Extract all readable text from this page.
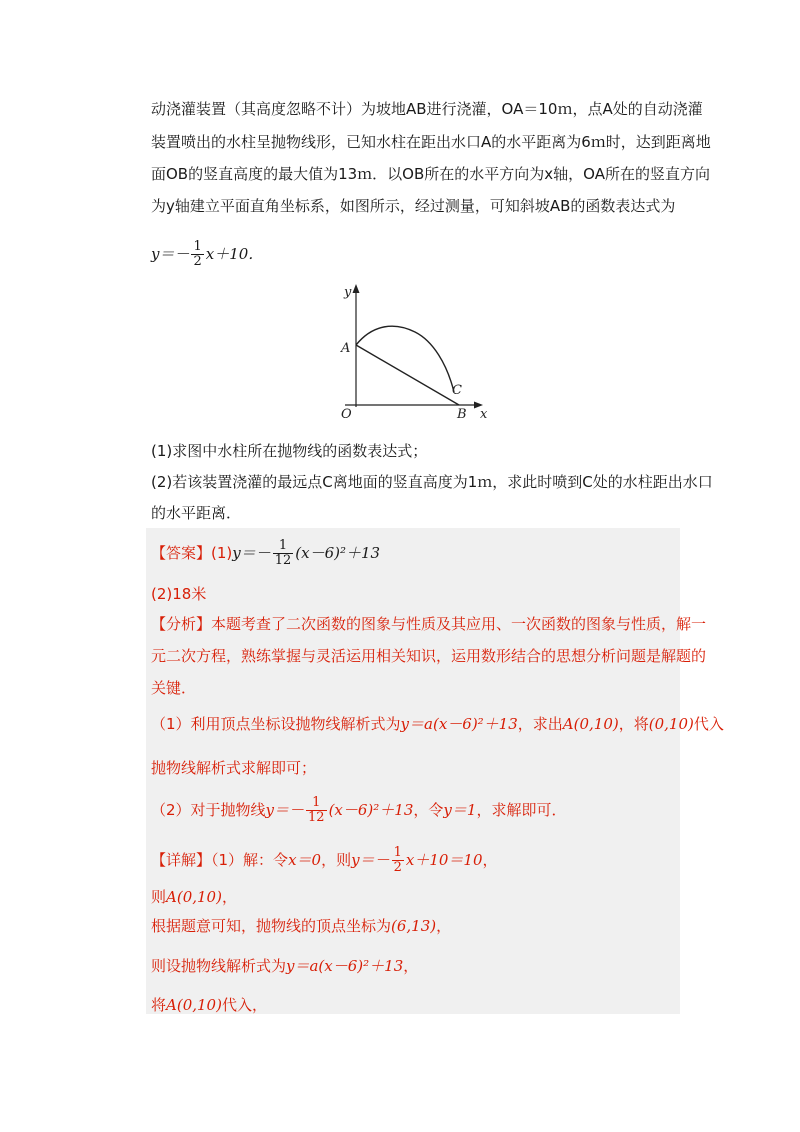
动浇灌装置（其高度忽略不计）为坡地AB进行浇灌，OA＝10ｍ，点A处的自动浇灌
装置喷出的水柱呈抛物线形，已知水柱在距出水口A的水平距离为6ｍ时，达到距离地
面OB的竖直高度的最大值为13ｍ．以OB所在的水平方向为x轴，OA所在的竖直方向
为y轴建立平面直角坐标系，如图所示，经过测量，可知斜坡AB的函数表达式为
$y=- \frac{1}{2} x+10$．
y
x
A
O	B
C
(1)求图中水柱所在抛物线的函数表达式；
(2)若该装置浇灌的最远点C离地面的竖直高度为1ｍ，求此时喷到C处的水柱距出水口
的水平距离．
【答案】$(1)y=- \frac{1}{12} (x-6)^2+13$
(2)18米
【分析】本题考查了二次函数的图象与性质及其应用、一次函数的图象与性质，解一
元二次方程，熟练掌握与灵活运用相关知识，运用数形结合的思想分析问题是解题的
关键．
（1）利用顶点坐标设抛物线解析式为y＝a(x－6)²＋13，求出A(0,10)，将(0,10)代入
抛物线解析式求解即可；
（2）对于抛物线$y=- \frac{1}{12} (x-6)^2+13$，令y＝1，求解即可．
【详解】（1）解：令x＝0，则$y=- \frac{1}{2} x+10=10$，
则A(0,10)，
根据题意可知，抛物线的顶点坐标为(6,13)，
则设抛物线解析式为y＝a(x－6)²＋13，
将A(0,10)代入，
